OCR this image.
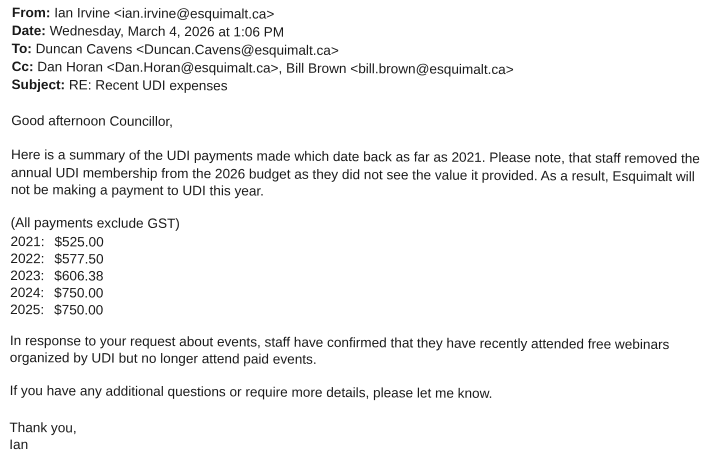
From: Ian Irvine <ian.irvine@esquimalt.ca>
Date: Wednesday, March 4, 2026 at 1:06 PM
To: Duncan Cavens <Duncan.Cavens@esquimalt.ca>
Cc: Dan Horan <Dan.Horan@esquimalt.ca>, Bill Brown <bill.brown@esquimalt.ca>
Subject: RE: Recent UDI expenses
Good afternoon Councillor,
Here is a summary of the UDI payments made which date back as far as 2021. Please note, that staff removed the
annual UDI membership from the 2026 budget as they did not see the value it provided. As a result, Esquimalt will
not be making a payment to UDI this year.
(All payments exclude GST)
2021: $525.00
2022: $577.50
2023: $606.38
2024: $750.00
2025: $750.00
In response to your request about events, staff have confirmed that they have recently attended free webinars
organized by UDI but no longer attend paid events.
If you have any additional questions or require more details, please let me know.
Thank you,
Ian
